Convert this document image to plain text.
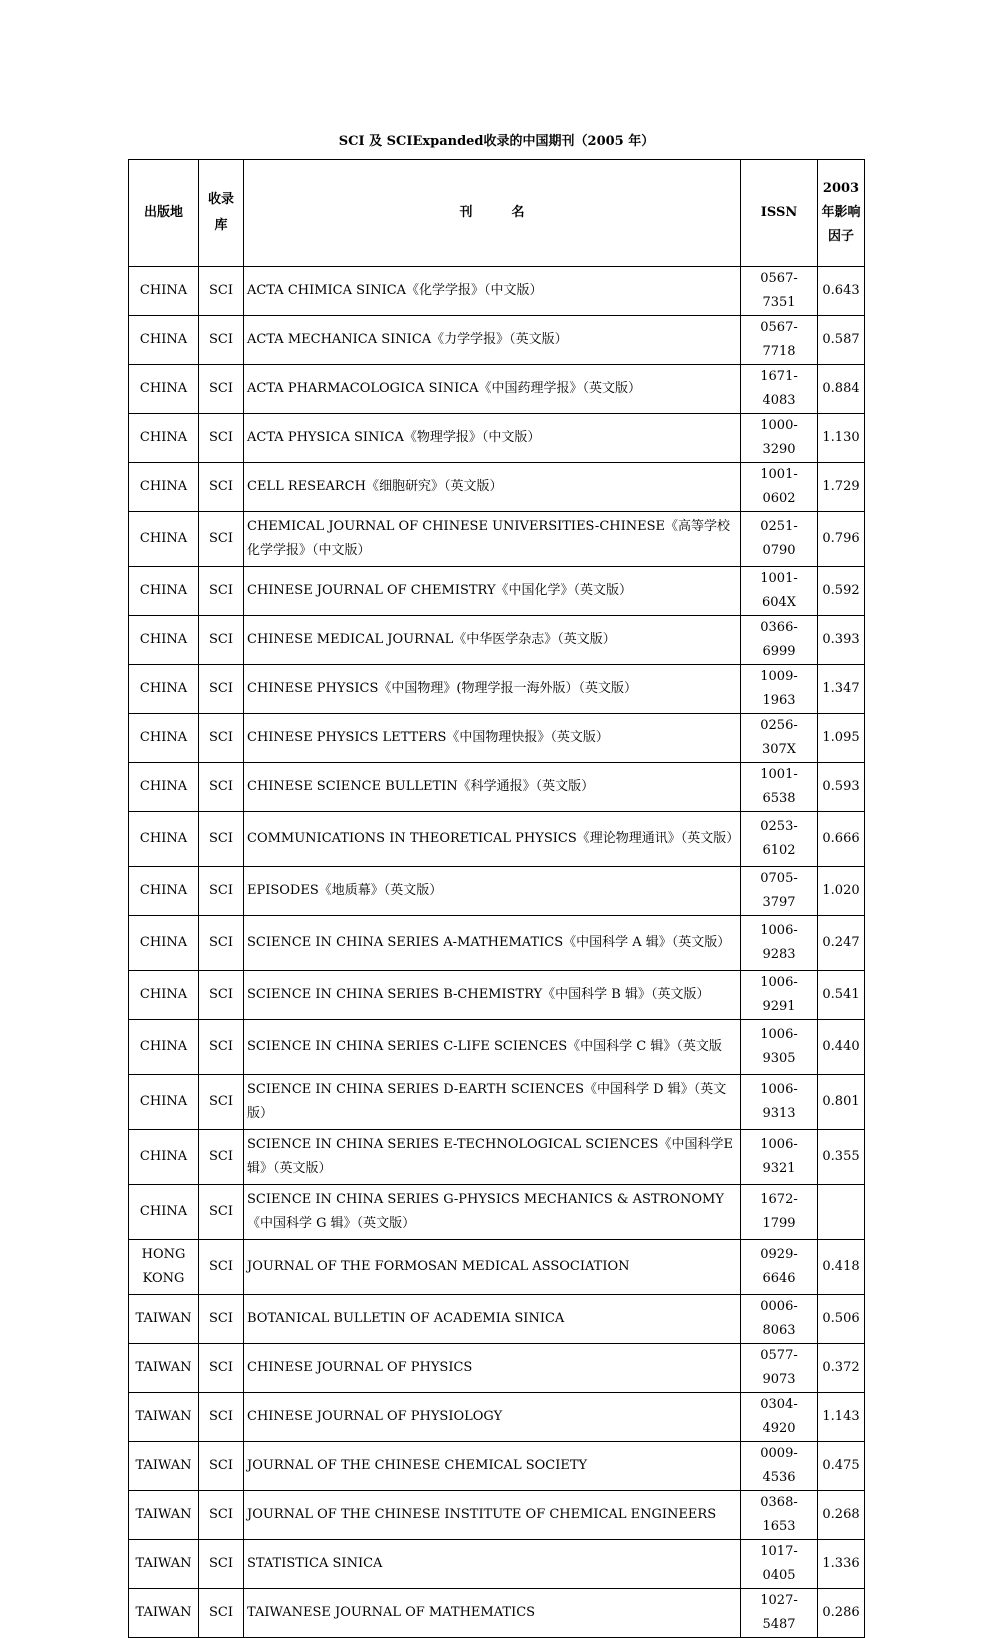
SCI 及 SCIExpanded收录的中国期刊（2005 年）
出版地	收录库	刊　　　名	ISSN	2003年影响因子
CHINA	SCI	ACTA CHIMICA SINICA《化学学报》（中文版）	0567-7351	0.643
CHINA	SCI	ACTA MECHANICA SINICA《力学学报》（英文版）	0567-7718	0.587
CHINA	SCI	ACTA PHARMACOLOGICA SINICA《中国药理学报》（英文版）	1671-4083	0.884
CHINA	SCI	ACTA PHYSICA SINICA《物理学报》（中文版）	1000-3290	1.130
CHINA	SCI	CELL RESEARCH《细胞研究》（英文版）	1001-0602	1.729
CHINA	SCI	CHEMICAL JOURNAL OF CHINESE UNIVERSITIES-CHINESE《高等学校化学学报》（中文版）	0251-0790	0.796
CHINA	SCI	CHINESE JOURNAL OF CHEMISTRY《中国化学》（英文版）	1001-604X	0.592
CHINA	SCI	CHINESE MEDICAL JOURNAL《中华医学杂志》（英文版）	0366-6999	0.393
CHINA	SCI	CHINESE PHYSICS《中国物理》(物理学报一海外版）（英文版）	1009-1963	1.347
CHINA	SCI	CHINESE PHYSICS LETTERS《中国物理快报》（英文版）	0256-307X	1.095
CHINA	SCI	CHINESE SCIENCE BULLETIN《科学通报》（英文版）	1001-6538	0.593
CHINA	SCI	COMMUNICATIONS IN THEORETICAL PHYSICS《理论物理通讯》（英文版）	0253-6102	0.666
CHINA	SCI	EPISODES《地质幕》（英文版）	0705-3797	1.020
CHINA	SCI	SCIENCE IN CHINA SERIES A-MATHEMATICS《中国科学 A 辑》（英文版）	1006-9283	0.247
CHINA	SCI	SCIENCE IN CHINA SERIES B-CHEMISTRY《中国科学 B 辑》（英文版）	1006-9291	0.541
CHINA	SCI	SCIENCE IN CHINA SERIES C-LIFE SCIENCES《中国科学 C 辑》（英文版	1006-9305	0.440
CHINA	SCI	SCIENCE IN CHINA SERIES D-EARTH SCIENCES《中国科学 D 辑》（英文版）	1006-9313	0.801
CHINA	SCI	SCIENCE IN CHINA SERIES E-TECHNOLOGICAL SCIENCES《中国科学E 辑》（英文版）	1006-9321	0.355
CHINA	SCI	SCIENCE IN CHINA SERIES G-PHYSICS MECHANICS & ASTRONOMY《中国科学 G 辑》（英文版）	1672-1799	
HONG KONG	SCI	JOURNAL OF THE FORMOSAN MEDICAL ASSOCIATION	0929-6646	0.418
TAIWAN	SCI	BOTANICAL BULLETIN OF ACADEMIA SINICA	0006-8063	0.506
TAIWAN	SCI	CHINESE JOURNAL OF PHYSICS	0577-9073	0.372
TAIWAN	SCI	CHINESE JOURNAL OF PHYSIOLOGY	0304-4920	1.143
TAIWAN	SCI	JOURNAL OF THE CHINESE CHEMICAL SOCIETY	0009-4536	0.475
TAIWAN	SCI	JOURNAL OF THE CHINESE INSTITUTE OF CHEMICAL ENGINEERS	0368-1653	0.268
TAIWAN	SCI	STATISTICA SINICA	1017-0405	1.336
TAIWAN	SCI	TAIWANESE JOURNAL OF MATHEMATICS	1027-5487	0.286
